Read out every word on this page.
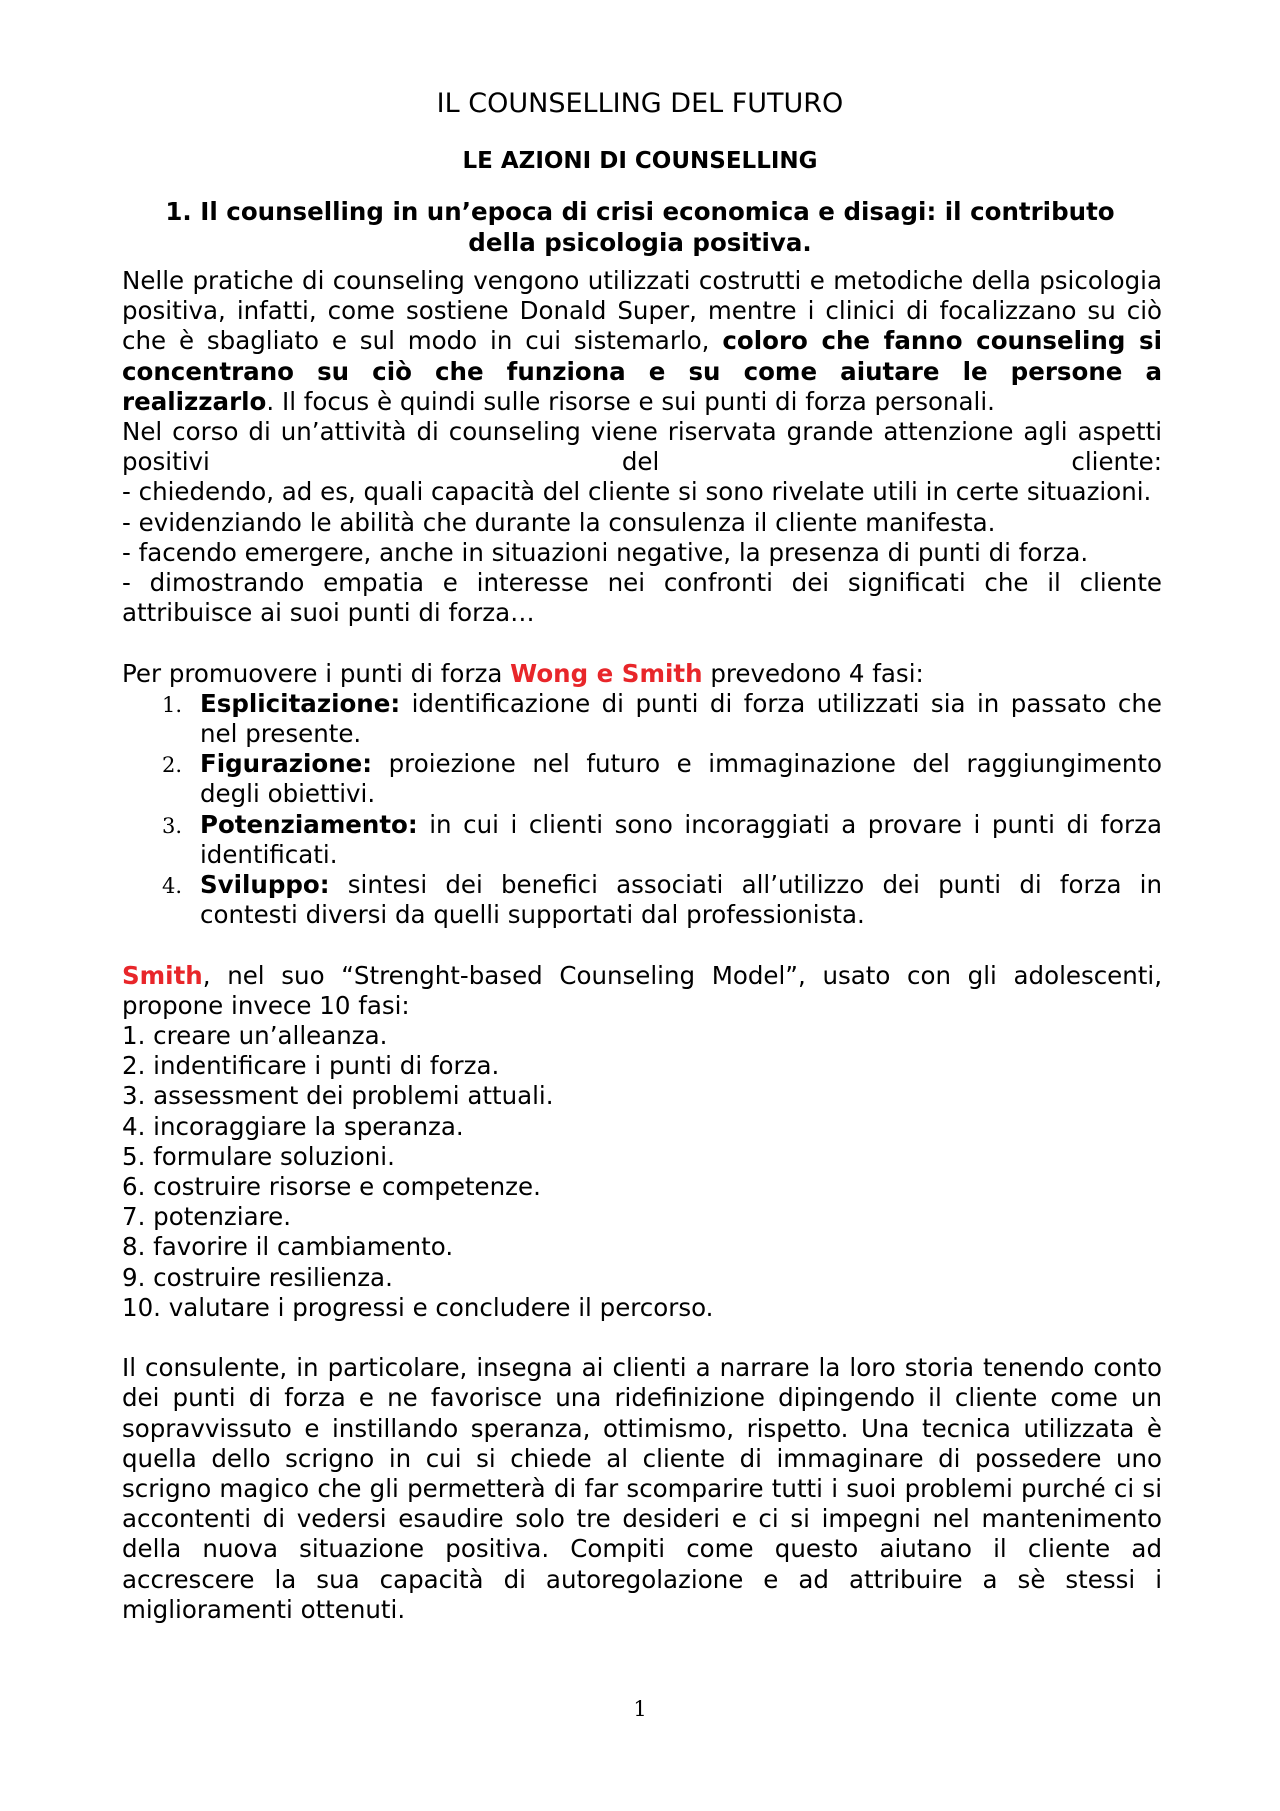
IL COUNSELLING DEL FUTURO
LE AZIONI DI COUNSELLING
1. Il counselling in un’epoca di crisi economica e disagi: il contributo della psicologia positiva.

Nelle pratiche di counseling vengono utilizzati costrutti e metodiche della psicologia positiva, infatti, come sostiene Donald Super, mentre i clinici di focalizzano su ciò che è sbagliato e sul modo in cui sistemarlo, coloro che fanno counseling si concentrano su ciò che funziona e su come aiutare le persone a realizzarlo. Il focus è quindi sulle risorse e sui punti di forza personali.

Nel corso di un’attività di counseling viene riservata grande attenzione agli aspetti positivi del cliente:

- chiedendo, ad es, quali capacità del cliente si sono rivelate utili in certe situazioni.

- evidenziando le abilità che durante la consulenza il cliente manifesta.

- facendo emergere, anche in situazioni negative, la presenza di punti di forza.

- dimostrando empatia e interesse nei confronti dei significati che il cliente attribuisce ai suoi punti di forza…

Per promuovere i punti di forza Wong e Smith prevedono 4 fasi:

1. Esplicitazione: identificazione di punti di forza utilizzati sia in passato che nel presente.
2. Figurazione: proiezione nel futuro e immaginazione del raggiungimento degli obiettivi.
3. Potenziamento: in cui i clienti sono incoraggiati a provare i punti di forza identificati.
4. Sviluppo: sintesi dei benefici associati all’utilizzo dei punti di forza in contesti diversi da quelli supportati dal professionista.

Smith, nel suo “Strenght-based Counseling Model”, usato con gli adolescenti, propone invece 10 fasi:

1. creare un’alleanza.
2. indentificare i punti di forza.
3. assessment dei problemi attuali.
4. incoraggiare la speranza.
5. formulare soluzioni.
6. costruire risorse e competenze.
7. potenziare.
8. favorire il cambiamento.
9. costruire resilienza.
10. valutare i progressi e concludere il percorso.

Il consulente, in particolare, insegna ai clienti a narrare la loro storia tenendo conto dei punti di forza e ne favorisce una ridefinizione dipingendo il cliente come un sopravvissuto e instillando speranza, ottimismo, rispetto. Una tecnica utilizzata è quella dello scrigno in cui si chiede al cliente di immaginare di possedere uno scrigno magico che gli permetterà di far scomparire tutti i suoi problemi purché ci si accontenti di vedersi esaudire solo tre desideri e ci si impegni nel mantenimento della nuova situazione positiva. Compiti come questo aiutano il cliente ad accrescere la sua capacità di autoregolazione e ad attribuire a sè stessi i miglioramenti ottenuti.

1
